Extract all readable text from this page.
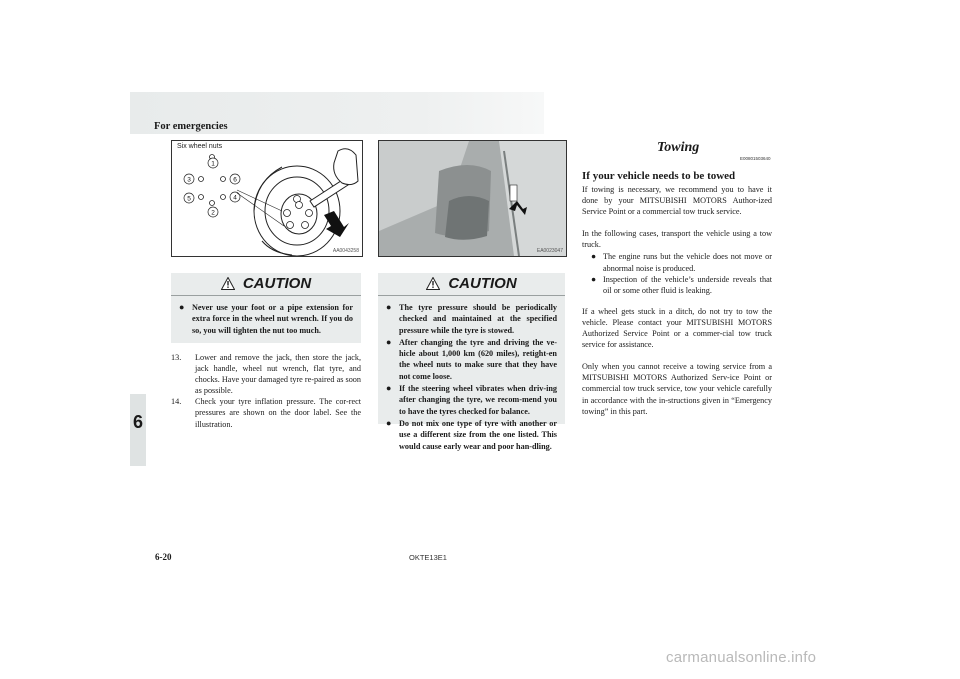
For emergencies
6
Six wheel nuts
1
2
3
4
5
6
AA0043258	EA0023047
CAUTION
● Never use your foot or a pipe extension for extra force in the wheel nut wrench. If you do so, you will tighten the nut too much.
13. Lower and remove the jack, then store the jack, jack handle, wheel nut wrench, flat tyre, and chocks. Have your damaged tyre re-paired as soon as possible.
14. Check your tyre inflation pressure. The cor-rect pressures are shown on the door label. See the illustration.
CAUTION
● The tyre pressure should be periodically checked and maintained at the specified pressure while the tyre is stowed.
● After changing the tyre and driving the ve-hicle about 1,000 km (620 miles), retight-en the wheel nuts to make sure that they have not come loose.
● If the steering wheel vibrates when driv-ing after changing the tyre, we recom-mend you to have the tyres checked for balance.
● Do not mix one type of tyre with another or use a different size from the one listed. This would cause early wear and poor han-dling.
Towing
E00801503640
If your vehicle needs to be towed

If towing is necessary, we recommend you to have it done by your MITSUBISHI MOTORS Author-ized Service Point or a commercial tow truck service.

In the following cases, transport the vehicle using a tow truck.

● The engine runs but the vehicle does not move or abnormal noise is produced.
● Inspection of the vehicle’s underside reveals that oil or some other fluid is leaking.

If a wheel gets stuck in a ditch, do not try to tow the vehicle. Please contact your MITSUBISHI MOTORS Authorized Service Point or a commer-cial tow truck service for assistance.

Only when you cannot receive a towing service from a MITSUBISHI MOTORS Authorized Serv-ice Point or commercial tow truck service, tow your vehicle carefully in accordance with the in-structions given in “Emergency towing” in this part.

6-20	OKTE13E1
carmanualsonline.info
